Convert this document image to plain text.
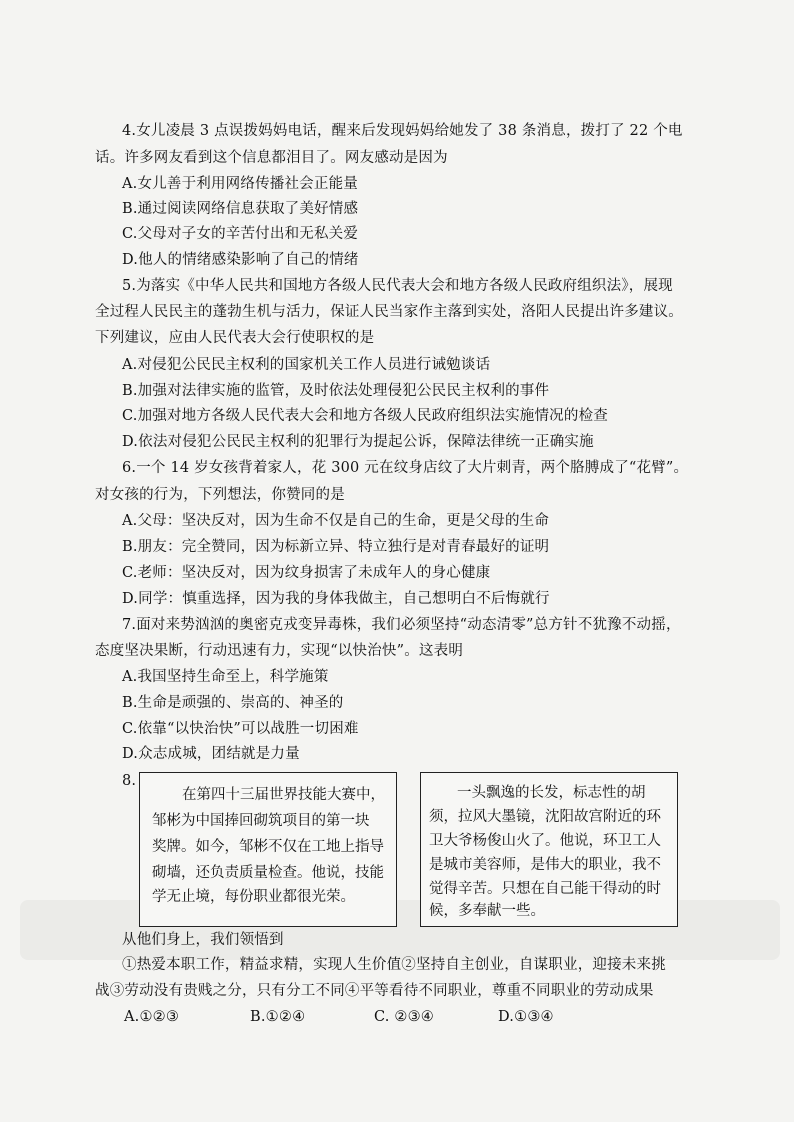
4.女儿凌晨 3 点误拨妈妈电话，醒来后发现妈妈给她发了 38 条消息，拨打了 22 个电
话。许多网友看到这个信息都泪目了。网友感动是因为
A.女儿善于利用网络传播社会正能量
B.通过阅读网络信息获取了美好情感
C.父母对子女的辛苦付出和无私关爱
D.他人的情绪感染影响了自己的情绪
5.为落实《中华人民共和国地方各级人民代表大会和地方各级人民政府组织法》，展现
全过程人民民主的蓬勃生机与活力，保证人民当家作主落到实处，洛阳人民提出许多建议。
下列建议，应由人民代表大会行使职权的是
A.对侵犯公民民主权利的国家机关工作人员进行诫勉谈话
B.加强对法律实施的监管，及时依法处理侵犯公民民主权利的事件
C.加强对地方各级人民代表大会和地方各级人民政府组织法实施情况的检查
D.依法对侵犯公民民主权利的犯罪行为提起公诉，保障法律统一正确实施
6.一个 14 岁女孩背着家人，花 300 元在纹身店纹了大片刺青，两个胳膊成了“花臂”。
对女孩的行为，下列想法，你赞同的是
A.父母：坚决反对，因为生命不仅是自己的生命，更是父母的生命
B.朋友：完全赞同，因为标新立异、特立独行是对青春最好的证明
C.老师：坚决反对，因为纹身损害了未成年人的身心健康
D.同学：慎重选择，因为我的身体我做主，自己想明白不后悔就行
7.面对来势汹汹的奥密克戎变异毒株，我们必须坚持“动态清零”总方针不犹豫不动摇，
态度坚决果断，行动迅速有力，实现“以快治快”。这表明
A.我国坚持生命至上，科学施策
B.生命是顽强的、崇高的、神圣的
C.依靠“以快治快”可以战胜一切困难
D.众志成城，团结就是力量
8.
在第四十三届世界技能大赛中，
邹彬为中国捧回砌筑项目的第一块
奖牌。如今，邹彬不仅在工地上指导
砌墙，还负责质量检查。他说，技能
学无止境，每份职业都很光荣。
一头飘逸的长发，标志性的胡
须，拉风大墨镜，沈阳故宫附近的环
卫大爷杨俊山火了。他说，环卫工人
是城市美容师，是伟大的职业，我不
觉得辛苦。只想在自己能干得动的时
候，多奉献一些。
从他们身上，我们领悟到
①热爱本职工作，精益求精，实现人生价值②坚持自主创业，自谋职业，迎接未来挑
战③劳动没有贵贱之分，只有分工不同④平等看待不同职业，尊重不同职业的劳动成果
A.①②③	B.①②④	C. ②③④	D.①③④
